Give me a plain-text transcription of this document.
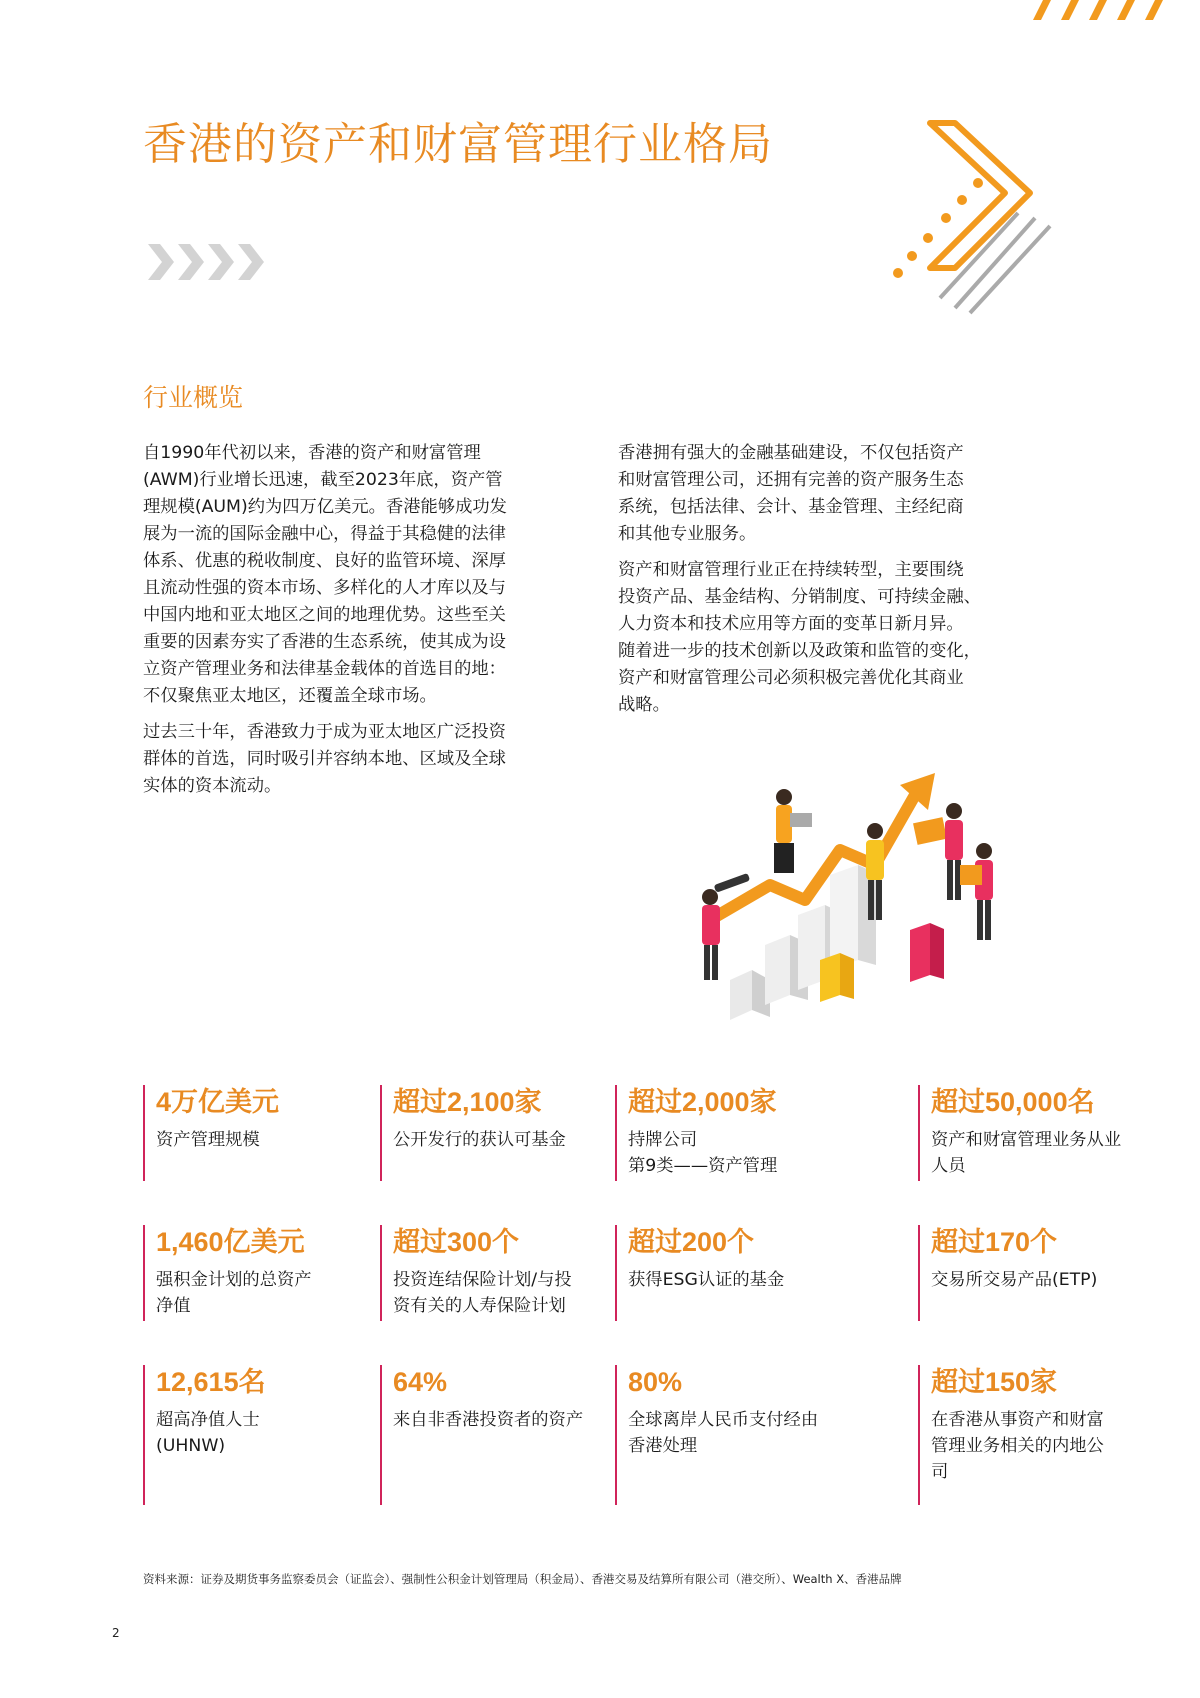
香港的资产和财富管理行业格局
行业概览

自1990年代初以来，香港的资产和财富管理
(AWM)行业增长迅速，截至2023年底，资产管
理规模(AUM)约为四万亿美元。香港能够成功发
展为一流的国际金融中心，得益于其稳健的法律
体系、优惠的税收制度、良好的监管环境、深厚
且流动性强的资本市场、多样化的人才库以及与
中国内地和亚太地区之间的地理优势。这些至关
重要的因素夯实了香港的生态系统，使其成为设
立资产管理业务和法律基金载体的首选目的地：
不仅聚焦亚太地区，还覆盖全球市场。

过去三十年，香港致力于成为亚太地区广泛投资
群体的首选，同时吸引并容纳本地、区域及全球
实体的资本流动。

香港拥有强大的金融基础建设，不仅包括资产
和财富管理公司，还拥有完善的资产服务生态
系统，包括法律、会计、基金管理、主经纪商
和其他专业服务。

资产和财富管理行业正在持续转型，主要围绕
投资产品、基金结构、分销制度、可持续金融、
人力资本和技术应用等方面的变革日新月异。
随着进一步的技术创新以及政策和监管的变化，
资产和财富管理公司必须积极完善优化其商业
战略。

4万亿美元
资产管理规模
超过2,100家
公开发行的获认可基金
超过2,000家
持牌公司
第9类——资产管理
超过50,000名
资产和财富管理业务从业
人员
1,460亿美元
强积金计划的总资产
净值
超过300个
投资连结保险计划/与投
资有关的人寿保险计划
超过200个
获得ESG认证的基金
超过170个
交易所交易产品(ETP)
12,615名
超高净值人士
(UHNW)
64%
来自非香港投资者的资产
80%
全球离岸人民币支付经由
香港处理
超过150家
在香港从事资产和财富
管理业务相关的内地公
司
资料来源：证券及期货事务监察委员会（证监会）、强制性公积金计划管理局（积金局）、香港交易及结算所有限公司（港交所）、Wealth X、香港品牌
2
